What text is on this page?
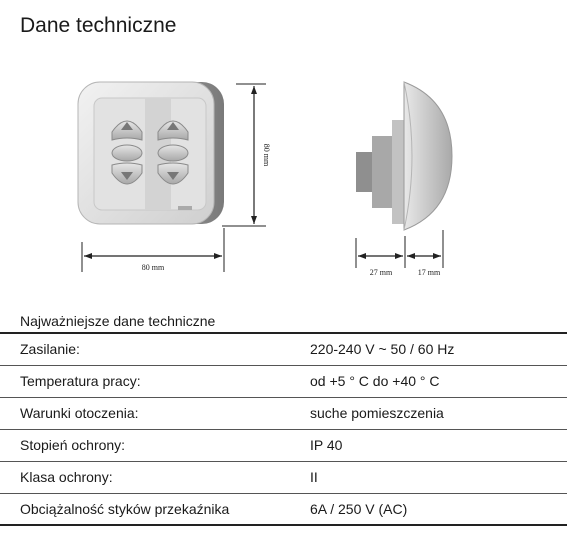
Dane techniczne
80 mm
80 mm
27 mm	17 mm
Najważniejsze dane techniczne
Zasilanie:	220-240 V ~ 50 / 60 Hz
Temperatura pracy:	od +5 ° C do +40 ° C
Warunki otoczenia:	suche pomieszczenia
Stopień ochrony:	IP 40
Klasa ochrony:	II
Obciążalność styków przekaźnika	6A / 250 V (AC)
